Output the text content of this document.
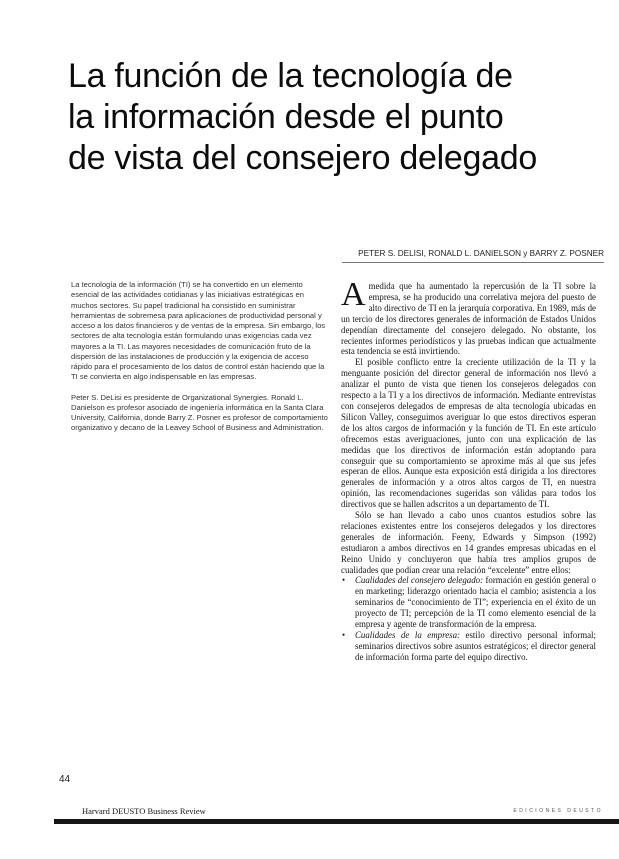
La función de la tecnología de
la información desde el punto
de vista del consejero delegado
PETER S. DELISI, RONALD L. DANIELSON y BARRY Z. POSNER

La tecnología de la información (TI) se ha convertido en un elemento esencial de las actividades cotidianas y las iniciativas estratégicas en muchos sectores. Su papel tradicional ha consistido en suministrar herramientas de sobremesa para aplicaciones de productividad personal y acceso a los datos financieros y de ventas de la empresa. Sin embargo, los sectores de alta tecnología están formulando unas exigencias cada vez mayores a la TI. Las mayores necesidades de comunicación fruto de la dispersión de las instalaciones de producción y la exigencia de acceso rápido para el procesamiento de los datos de control están haciendo que la TI se convierta en algo indispensable en las empresas.

Peter S. DeLisi es presidente de Organizational Synergies. Ronald L. Danielson es profesor asociado de ingeniería informática en la Santa Clara University, California, donde Barry Z. Posner es profesor de comportamiento organizativo y decano de la Leavey School of Business and Administration.

Amedida que ha aumentado la repercusión de la TI sobre la empresa, se ha producido una correlativa mejora del puesto de alto directivo de TI en la jerarquía corporativa. En 1989, más de un tercio de los directores generales de información de Estados Unidos dependían directamente del consejero delegado. No obstante, los recientes informes periodísticos y las pruebas indican que actualmente esta tendencia se está invirtiendo.

El posible conflicto entre la creciente utilización de la TI y la menguante posición del director general de información nos llevó a analizar el punto de vista que tienen los consejeros delegados con respecto a la TI y a los directivos de información. Mediante entrevistas con consejeros delegados de empresas de alta tecnología ubicadas en Silicon Valley, conseguimos averiguar lo que estos directivos esperan de los altos cargos de información y la función de TI. En este artículo ofrecemos estas averiguaciones, junto con una explicación de las medidas que los directivos de información están adoptando para conseguir que su comportamiento se aproxime más al que sus jefes esperan de ellos. Aunque esta exposición está dirigida a los directores generales de información y a otros altos cargos de TI, en nuestra opinión, las recomendaciones sugeridas son válidas para todos los directivos que se hallen adscritos a un departamento de TI.

Sólo se han llevado a cabo unos cuantos estudios sobre las relaciones existentes entre los consejeros delegados y los directores generales de información. Feeny, Edwards y Simpson (1992) estudiaron a ambos directivos en 14 grandes empresas ubicadas en el Reino Unido y concluyeron que había tres amplios grupos de cualidades que podían crear una relación “excelente” entre ellos:

• Cualidades del consejero delegado: formación en gestión general o en marketing; liderazgo orientado hacia el cambio; asistencia a los seminarios de “conocimiento de TI”; experiencia en el éxito de un proyecto de TI; percepción de la TI como elemento esencial de la empresa y agente de transformación de la empresa.
• Cualidades de la empresa: estilo directivo personal informal; seminarios directivos sobre asuntos estratégicos; el director general de información forma parte del equipo directivo.
44
Harvard DEUSTO Business Review	EDICIONES DEUSTO
